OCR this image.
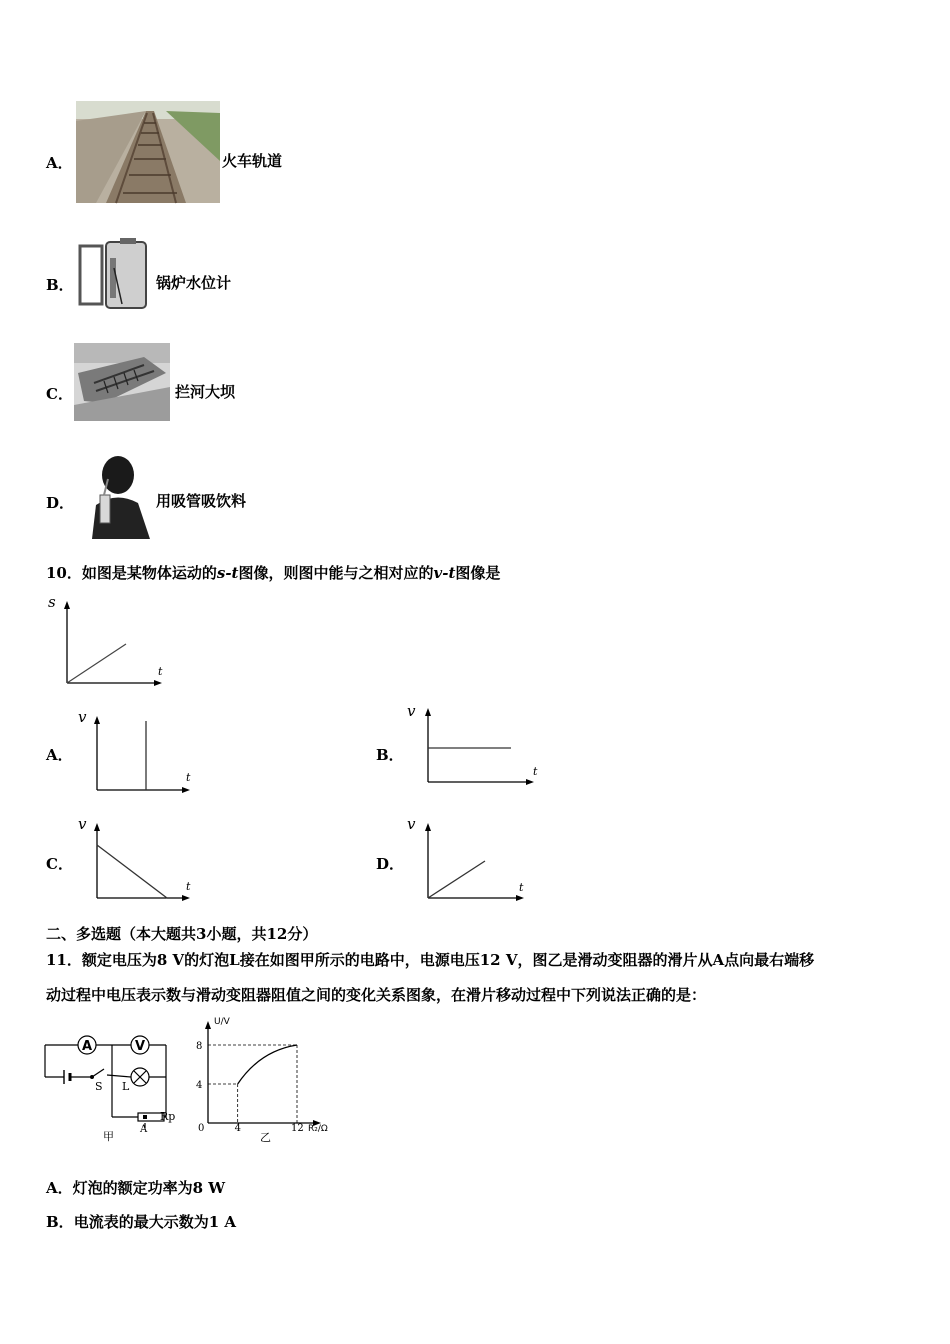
A．	火车轨道
B．	锅炉水位计
C．	拦河大坝
D．	用吸管吸饮料
10．如图是某物体运动的s-t图像，则图中能与之相对应的v-t图像是
s
t
A．
v
t
B．
v
t
C．
v
t
D．
v
t
二、多选题（本大题共3小题，共12分）
11．额定电压为8 V的灯泡L接在如图甲所示的电路中，电源电压12 V，图乙是滑动变阻器的滑片从A点向最右端移
动过程中电压表示数与滑动变阻器阻值之间的变化关系图象，在滑片移动过程中下列说法正确的是：
A	V
S L
Rp
A
甲
U/V
R₂/Ω
0
乙
4
8
4	12
A．灯泡的额定功率为8 W
B．电流表的最大示数为1 A
